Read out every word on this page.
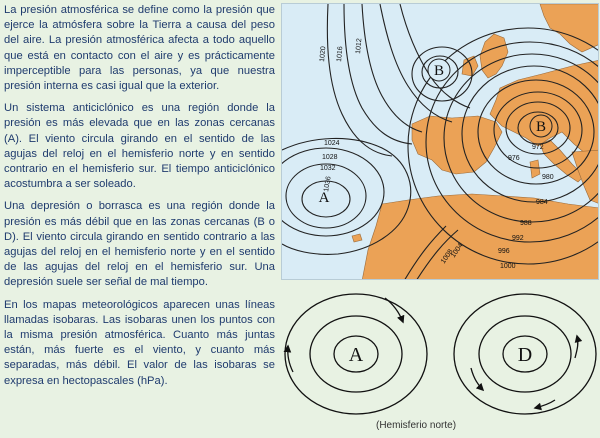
La presión atmosférica se define como la presión que ejerce la atmósfera sobre la Tierra a causa del peso del aire. La presión atmosférica afecta a todo aquello que está en contacto con el aire y es prácticamente imperceptible para las personas, ya que nuestra presión interna es casi igual que la exterior.

Un sistema anticiclónico es una región donde la presión es más elevada que en las zonas cercanas (A). El viento circula girando en el sentido de las agujas del reloj en el hemisferio norte y en sentido contrario en el hemisferio sur. El tiempo anticiclónico acostumbra a ser soleado.

Una depresión o borrasca es una región donde la presión es más débil que en las zonas cercanas (B o D). El viento circula girando en sentido contrario a las agujas del reloj en el hemisferio norte y en el sentido de las agujas del reloj en el hemisferio sur. Una depresión suele ser señal de mal tiempo.

En los mapas meteorológicos aparecen unas líneas llamadas isobaras. Las isobaras unen los puntos con la misma presión atmosférica. Cuanto más juntas están, más fuerte es el viento, y cuanto más separadas, más débil. El valor de las isobaras se expresa en hectopascales (hPa).

1020 1016 1012
1024
1028
1032
1036
972
976
980
984
988
992
996
1000
1004
1008
B
A
B
A	D
(Hemisferio norte)
